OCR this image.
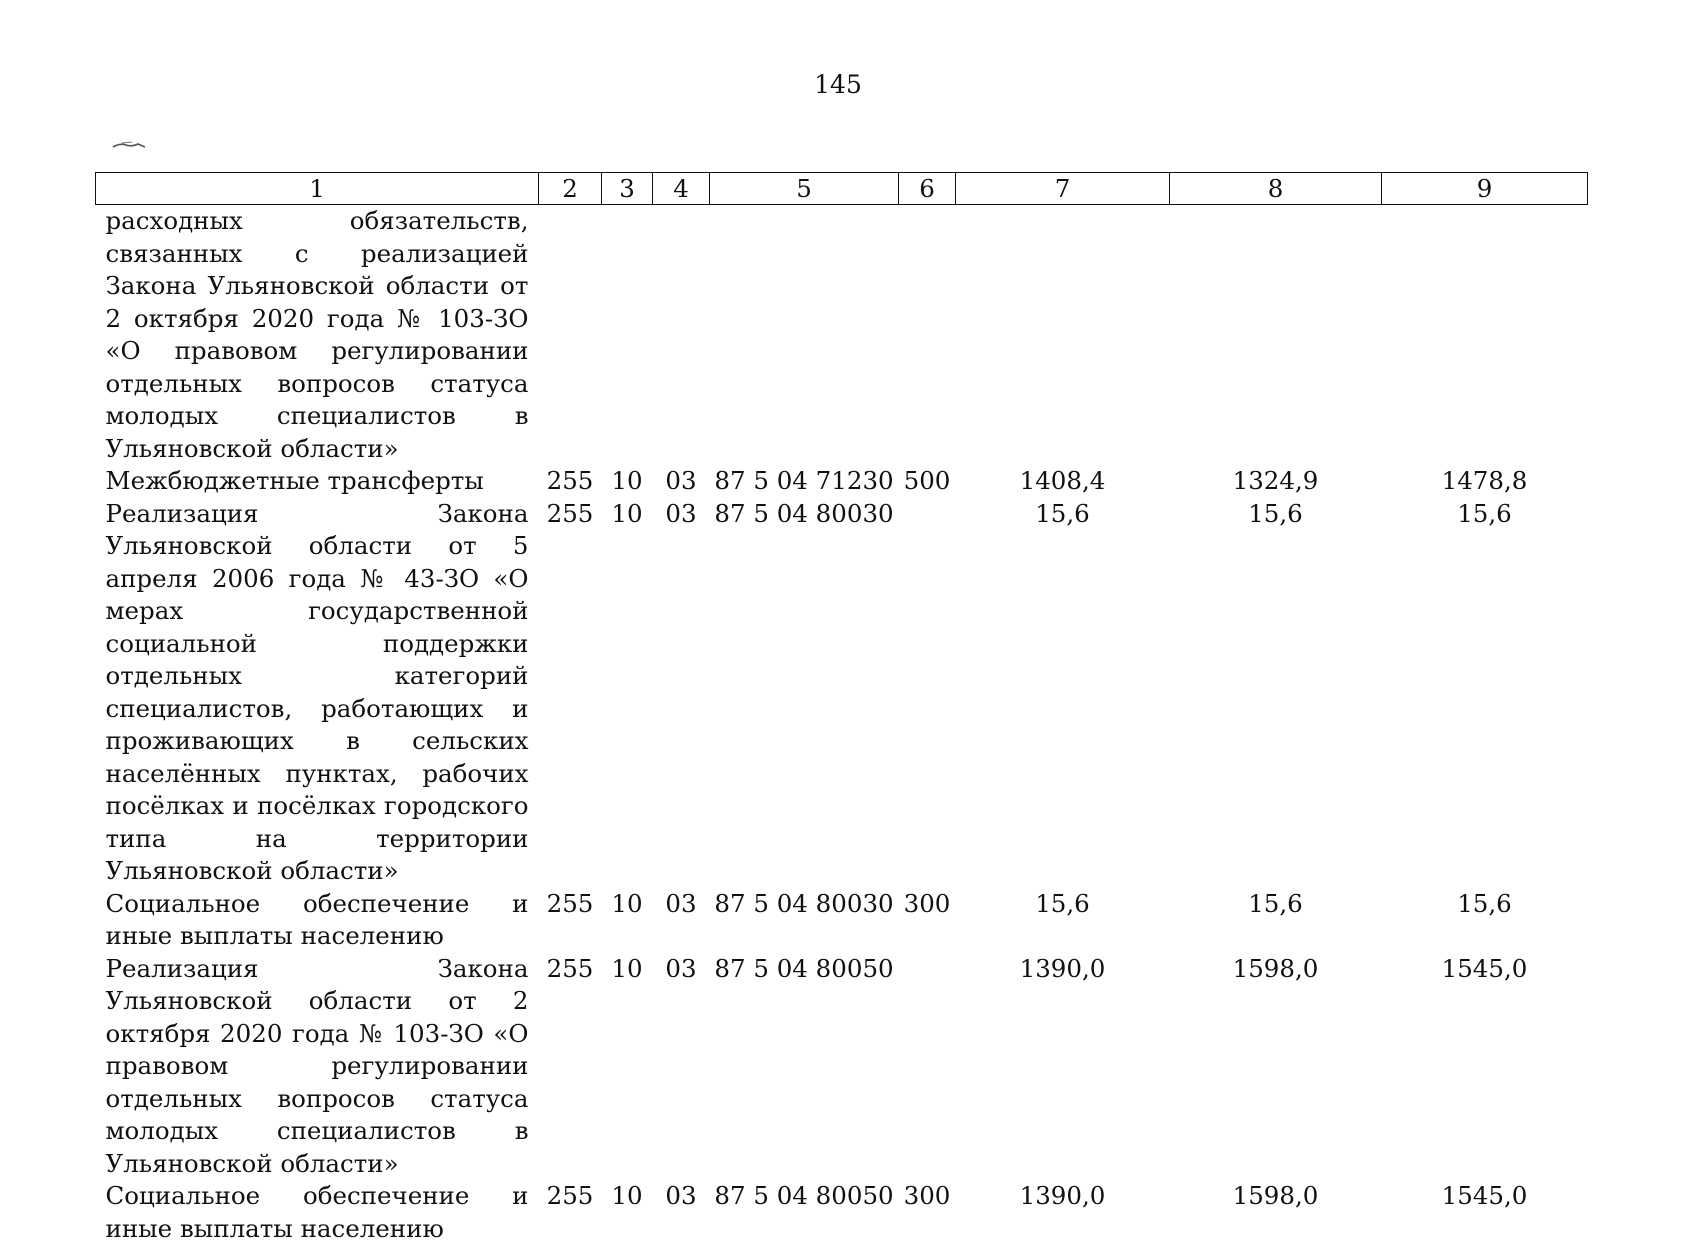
145
1	2	3	4	5	6	7	8	9
расходных обязательств, связанных с реализацией Закона Ульяновской области от 2 октября 2020 года № 103-ЗО «О правовом регулировании отдельных вопросов статуса молодых специалистов в Ульяновской области»								
Межбюджетные трансферты	255	10	03	87 5 04 71230	500	1408,4	1324,9	1478,8
Реализация Закона Ульяновской области от 5 апреля 2006 года № 43-ЗО «О мерах государственной социальной поддержки отдельных категорий специалистов, работающих и проживающих в сельских населённых пунктах, рабочих посёлках и посёлках городского типа на территории Ульяновской области»	255	10	03	87 5 04 80030		15,6	15,6	15,6
Социальное обеспечение и иные выплаты населению	255	10	03	87 5 04 80030	300	15,6	15,6	15,6
Реализация Закона Ульяновской области от 2 октября 2020 года № 103-ЗО «О правовом регулировании отдельных вопросов статуса молодых специалистов в Ульяновской области»	255	10	03	87 5 04 80050		1390,0	1598,0	1545,0
Социальное обеспечение и иные выплаты населению	255	10	03	87 5 04 80050	300	1390,0	1598,0	1545,0
